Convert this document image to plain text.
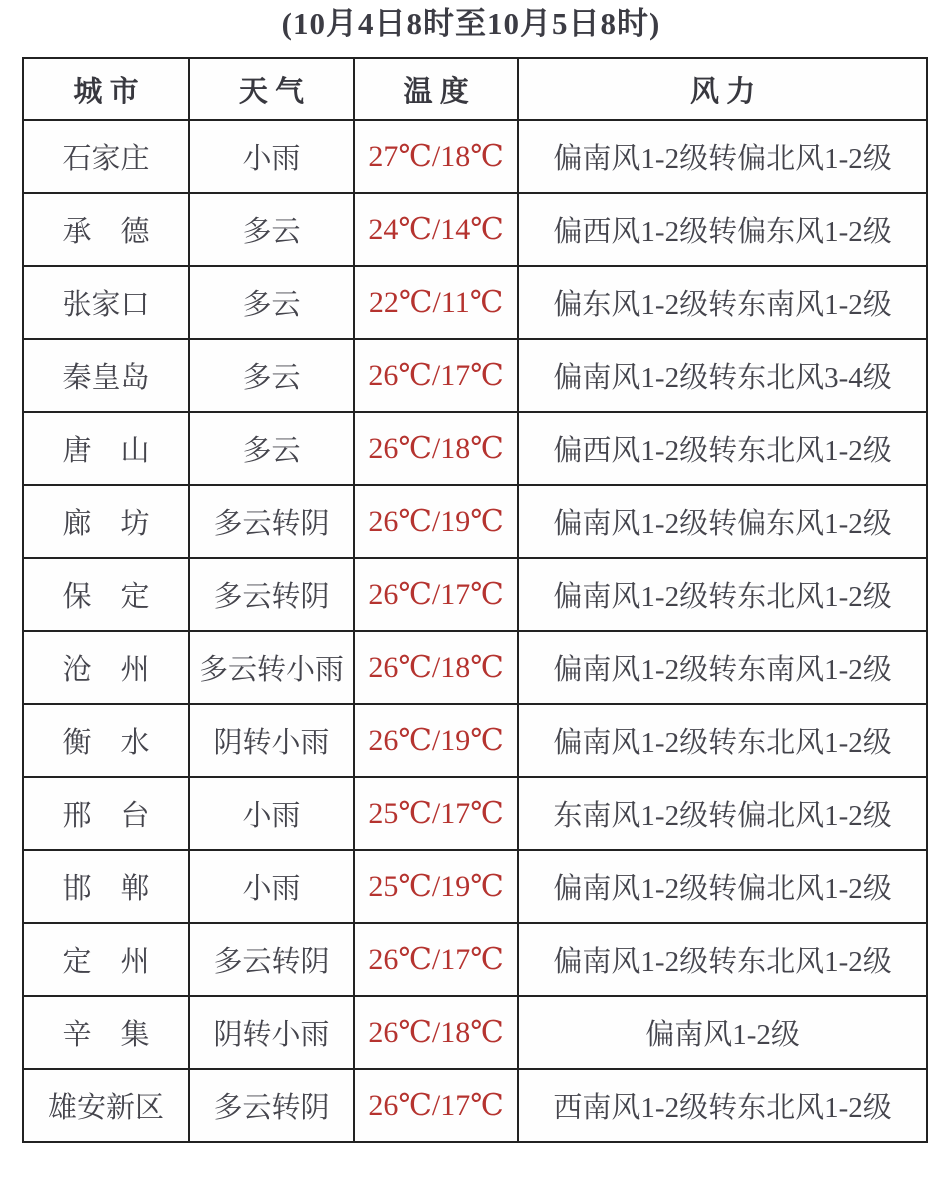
(10月4日8时至10月5日8时)
城市	天气	温度	风力
石家庄	小雨	27℃/18℃	偏南风1-2级转偏北风1-2级
承　德	多云	24℃/14℃	偏西风1-2级转偏东风1-2级
张家口	多云	22℃/11℃	偏东风1-2级转东南风1-2级
秦皇岛	多云	26℃/17℃	偏南风1-2级转东北风3-4级
唐　山	多云	26℃/18℃	偏西风1-2级转东北风1-2级
廊　坊	多云转阴	26℃/19℃	偏南风1-2级转偏东风1-2级
保　定	多云转阴	26℃/17℃	偏南风1-2级转东北风1-2级
沧　州	多云转小雨	26℃/18℃	偏南风1-2级转东南风1-2级
衡　水	阴转小雨	26℃/19℃	偏南风1-2级转东北风1-2级
邢　台	小雨	25℃/17℃	东南风1-2级转偏北风1-2级
邯　郸	小雨	25℃/19℃	偏南风1-2级转偏北风1-2级
定　州	多云转阴	26℃/17℃	偏南风1-2级转东北风1-2级
辛　集	阴转小雨	26℃/18℃	偏南风1-2级
雄安新区	多云转阴	26℃/17℃	西南风1-2级转东北风1-2级
